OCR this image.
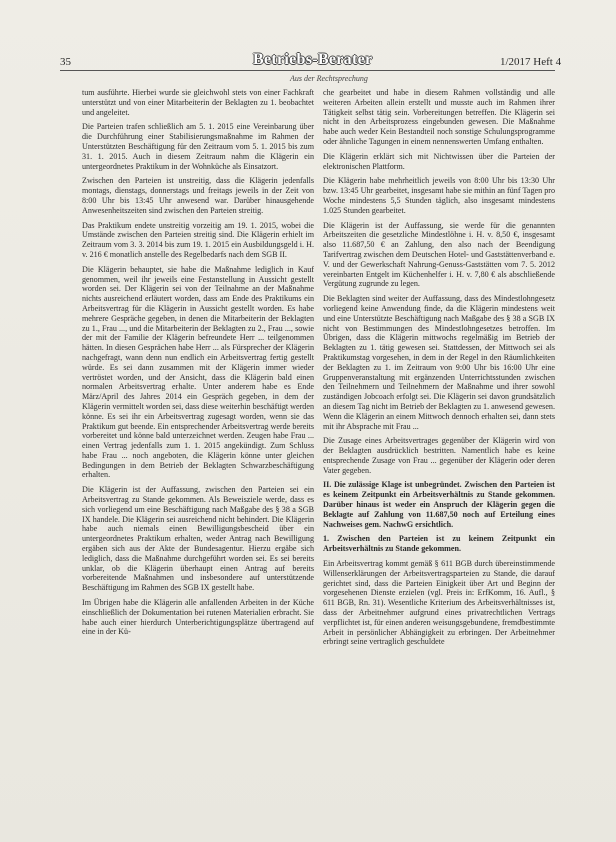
35	Betriebs-Berater	1/2017 Heft 4
Aus der Rechtsprechung

tum ausführte. Hierbei wurde sie gleichwohl stets von einer Fachkraft unterstützt und von einer Mitarbeiterin der Beklagten zu 1. beobachtet und angeleitet.

Die Parteien trafen schließlich am 5. 1. 2015 eine Vereinbarung über die Durchführung einer Stabilisierungsmaßnahme im Rahmen der Unterstützten Beschäftigung für den Zeitraum vom 5. 1. 2015 bis zum 31. 1. 2015. Auch in diesem Zeitraum nahm die Klägerin ein untergeordnetes Praktikum in der Wohnküche als Einsatzort.

Zwischen den Parteien ist unstreitig, dass die Klägerin jedenfalls montags, dienstags, donnerstags und freitags jeweils in der Zeit von 8:00 Uhr bis 13:45 Uhr anwesend war. Darüber hinausgehende Anwesenheitszeiten sind zwischen den Parteien streitig.

Das Praktikum endete unstreitig vorzeitig am 19. 1. 2015, wobei die Umstände zwischen den Parteien streitig sind. Die Klägerin erhielt im Zeitraum vom 3. 3. 2014 bis zum 19. 1. 2015 ein Ausbildungsgeld i. H. v. 216 € monatlich anstelle des Regelbedarfs nach dem SGB II.

Die Klägerin behauptet, sie habe die Maßnahme lediglich in Kauf genommen, weil ihr jeweils eine Festanstellung in Aussicht gestellt worden sei. Der Klägerin sei von der Teilnahme an der Maßnahme nichts ausreichend erläutert worden, dass am Ende des Praktikums ein Arbeitsvertrag für die Klägerin in Aussicht gestellt worden. Es habe mehrere Gespräche gegeben, in denen die Mitarbeiterin der Beklagten zu 1., Frau ..., und die Mitarbeiterin der Beklagten zu 2., Frau ..., sowie der mit der Familie der Klägerin befreundete Herr ... teilgenommen hätten. In diesen Gesprächen habe Herr ... als Fürsprecher der Klägerin nachgefragt, wann denn nun endlich ein Arbeitsvertrag fertig gestellt würde. Es sei dann zusammen mit der Klägerin immer wieder vertröstet worden, und der Ansicht, dass die Klägerin bald einen normalen Arbeitsvertrag erhalte. Unter anderem habe es Ende März/April des Jahres 2014 ein Gespräch gegeben, in dem der Klägerin vermittelt worden sei, dass diese weiterhin beschäftigt werden könne. Es sei ihr ein Arbeitsvertrag zugesagt worden, wenn sie das Praktikum gut beende. Ein entsprechender Arbeitsvertrag werde bereits vorbereitet und könne bald unterzeichnet werden. Zeugen habe Frau ... einen Vertrag jedenfalls zum 1. 1. 2015 angekündigt. Zum Schluss habe Frau ... noch angeboten, die Klägerin könne unter gleichen Bedingungen in dem Betrieb der Beklagten Schwarzbeschäftigung erhalten.

Die Klägerin ist der Auffassung, zwischen den Parteien sei ein Arbeitsvertrag zu Stande gekommen. Als Beweisziele werde, dass es sich vorliegend um eine Beschäftigung nach Maßgabe des § 38 a SGB IX handele. Die Klägerin sei ausreichend nicht behindert. Die Klägerin habe auch niemals einen Bewilligungsbescheid über ein untergeordnetes Praktikum erhalten, weder Antrag nach Bewilligung ergäben sich aus der Akte der Bundesagentur. Hierzu ergäbe sich lediglich, dass die Maßnahme durchgeführt worden sei. Es sei bereits unklar, ob die Klägerin überhaupt einen Antrag auf bereits vorbereitende Maßnahmen und insbesondere auf unterstützende Beschäftigung im Rahmen des SGB IX gestellt habe.

Im Übrigen habe die Klägerin alle anfallenden Arbeiten in der Küche einschließlich der Dokumentation bei rutenen Materialien erbracht. Sie habe auch einer hierdurch Unterberichtigungsplätze übertragend auf eine in der Kü-

che gearbeitet und habe in diesem Rahmen vollständig und alle weiteren Arbeiten allein erstellt und musste auch im Rahmen ihrer Tätigkeit selbst tätig sein. Vorbereitungen betreffen. Die Klägerin sei nicht in den Arbeitsprozess eingebunden gewesen. Die Maßnahme habe auch weder Kein Bestandteil noch sonstige Schulungsprogramme oder ähnliche Tagungen in einem nennenswerten Umfang enthalten.

Die Klägerin erklärt sich mit Nichtwissen über die Parteien der elektronischen Plattform.

Die Klägerin habe mehrheitlich jeweils von 8:00 Uhr bis 13:30 Uhr bzw. 13:45 Uhr gearbeitet, insgesamt habe sie mithin an fünf Tagen pro Woche mindestens 5,5 Stunden täglich, also insgesamt mindestens 1.025 Stunden gearbeitet.

Die Klägerin ist der Auffassung, sie werde für die genannten Arbeitszeiten die gesetzliche Mindestlöhne i. H. v. 8,50 €, insgesamt also 11.687,50 € an Zahlung, den also nach der Beendigung Tarifvertrag zwischen dem Deutschen Hotel- und Gaststättenverband e. V. und der Gewerkschaft Nahrung-Genuss-Gaststätten vom 7. 5. 2012 vereinbarten Entgelt im Küchenhelfer i. H. v. 7,80 € als abschließende Vergütung zugrunde zu legen.

Die Beklagten sind weiter der Auffassung, dass des Mindestlohngesetz vorliegend keine Anwendung finde, da die Klägerin mindestens weit und eine Unterstützte Beschäftigung nach Maßgabe des § 38 a SGB IX nicht von Bestimmungen des Mindestlohngesetzes betroffen. Im Übrigen, dass die Klägerin mittwochs regelmäßig im Betrieb der Beklagten zu 1. tätig gewesen sei. Stattdessen, der Mittwoch sei als Praktikumstag vorgesehen, in dem in der Regel in den Räumlichkeiten der Beklagten zu 1. im Zeitraum von 9:00 Uhr bis 16:00 Uhr eine Gruppenveranstaltung mit ergänzenden Unterrichtsstunden zwischen den Teilnehmern und Teilnehmern der Maßnahme und ihrer sowohl zuständigen Jobcoach erfolgt sei. Die Klägerin sei davon grundsätzlich an diesem Tag nicht im Betrieb der Beklagten zu 1. anwesend gewesen. Wenn die Klägerin an einem Mittwoch dennoch erhalten sei, dann stets mit ihr Absprache mit Frau ...

Die Zusage eines Arbeitsvertrages gegenüber der Klägerin wird von der Beklagten ausdrücklich bestritten. Namentlich habe es keine entsprechende Zusage von Frau ... gegenüber der Klägerin oder deren Vater gegeben.

II. Die zulässige Klage ist unbegründet. Zwischen den Parteien ist es keinem Zeitpunkt ein Arbeitsverhältnis zu Stande gekommen. Darüber hinaus ist weder ein Anspruch der Klägerin gegen die Beklagte auf Zahlung von 11.687,50 noch auf Erteilung eines Nachweises gem. NachwG ersichtlich.

1. Zwischen den Parteien ist zu keinem Zeitpunkt ein Arbeitsverhältnis zu Stande gekommen.

Ein Arbeitsvertrag kommt gemäß § 611 BGB durch übereinstimmende Willenserklärungen der Arbeitsvertragsparteien zu Stande, die darauf gerichtet sind, dass die Parteien Einigkeit über Art und Beginn der vorgesehenen Dienste erzielen (vgl. Preis in: ErfKomm, 16. Aufl., § 611 BGB, Rn. 31). Wesentliche Kriterium des Arbeitsverhältnisses ist, dass der Arbeitnehmer aufgrund eines privatrechtlichen Vertrags verpflichtet ist, für einen anderen weisungsgebundene, fremdbestimmte Arbeit in persönlicher Abhängigkeit zu erbringen. Der Arbeitnehmer erbringt seine vertraglich geschuldete
